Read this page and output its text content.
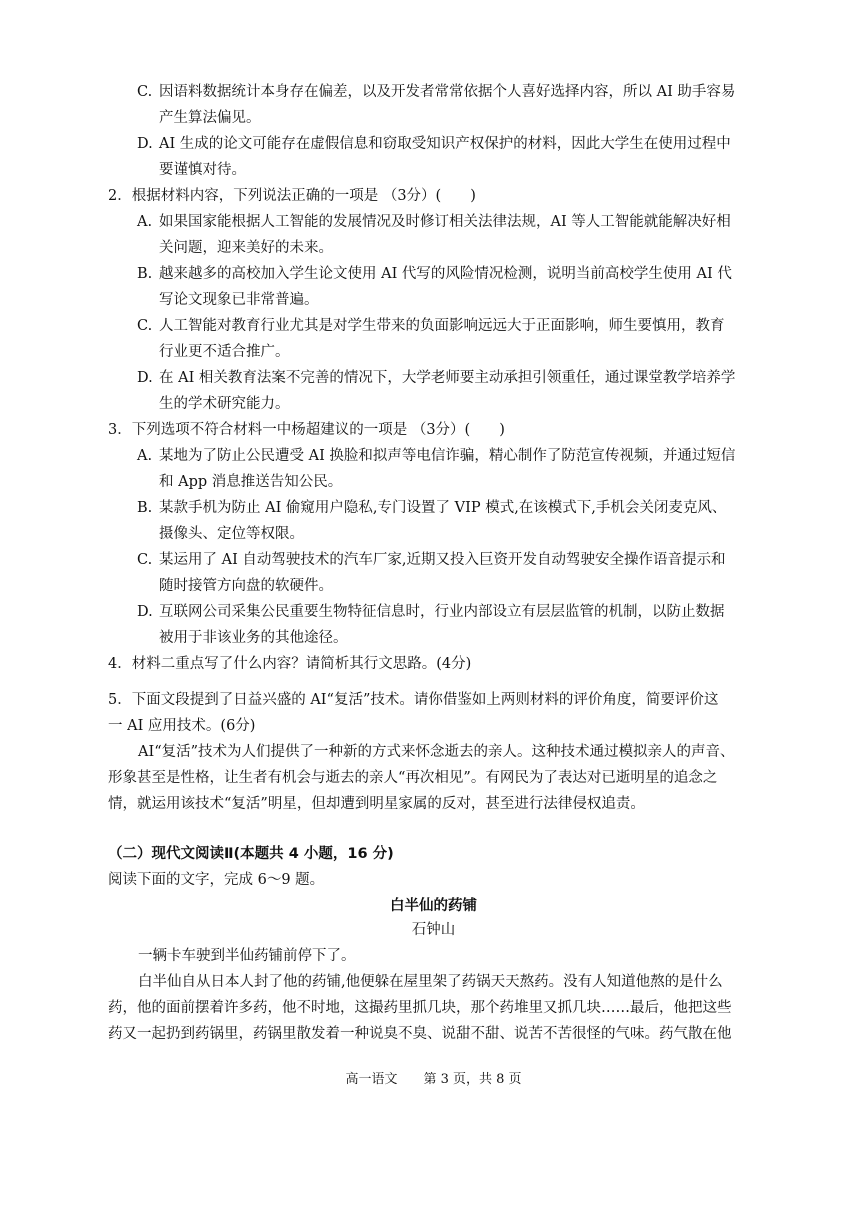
C. 因语料数据统计本身存在偏差，以及开发者常常依据个人喜好选择内容，所以 AI 助手容易
产生算法偏见。
D. AI 生成的论文可能存在虚假信息和窃取受知识产权保护的材料，因此大学生在使用过程中
要谨慎对待。
2．根据材料内容，下列说法正确的一项是 （3分）(　　)
A. 如果国家能根据人工智能的发展情况及时修订相关法律法规，AI 等人工智能就能解决好相
关问题，迎来美好的未来。
B. 越来越多的高校加入学生论文使用 AI 代写的风险情况检测，说明当前高校学生使用 AI 代
写论文现象已非常普遍。
C. 人工智能对教育行业尤其是对学生带来的负面影响远远大于正面影响，师生要慎用，教育
行业更不适合推广。
D. 在 AI 相关教育法案不完善的情况下，大学老师要主动承担引领重任，通过课堂教学培养学
生的学术研究能力。
3．下列选项不符合材料一中杨超建议的一项是 （3分）(　　)
A. 某地为了防止公民遭受 AI 换脸和拟声等电信诈骗，精心制作了防范宣传视频，并通过短信
和 App 消息推送告知公民。
B. 某款手机为防止 AI 偷窥用户隐私,专门设置了 VIP 模式,在该模式下,手机会关闭麦克风、
摄像头、定位等权限。
C. 某运用了 AI 自动驾驶技术的汽车厂家,近期又投入巨资开发自动驾驶安全操作语音提示和
随时接管方向盘的软硬件。
D. 互联网公司采集公民重要生物特征信息时，行业内部设立有层层监管的机制，以防止数据
被用于非该业务的其他途径。
4．材料二重点写了什么内容？请简析其行文思路。(4分)
5．下面文段提到了日益兴盛的 AI“复活”技术。请你借鉴如上两则材料的评价角度，简要评价这
一 AI 应用技术。(6分)
AI“复活”技术为人们提供了一种新的方式来怀念逝去的亲人。这种技术通过模拟亲人的声音、
形象甚至是性格，让生者有机会与逝去的亲人“再次相见”。有网民为了表达对已逝明星的追念之
情，就运用该技术“复活”明星，但却遭到明星家属的反对，甚至进行法律侵权追责。
（二）现代文阅读Ⅱ(本题共 4 小题，16 分)
阅读下面的文字，完成 6～9 题。
白半仙的药铺
石钟山
一辆卡车驶到半仙药铺前停下了。
白半仙自从日本人封了他的药铺,他便躲在屋里架了药锅天天熬药。没有人知道他熬的是什么
药，他的面前摆着许多药，他不时地，这撮药里抓几块，那个药堆里又抓几块……最后，他把这些
药又一起扔到药锅里，药锅里散发着一种说臭不臭、说甜不甜、说苦不苦很怪的气味。药气散在他
高一语文　　第 3 页，共 8 页
